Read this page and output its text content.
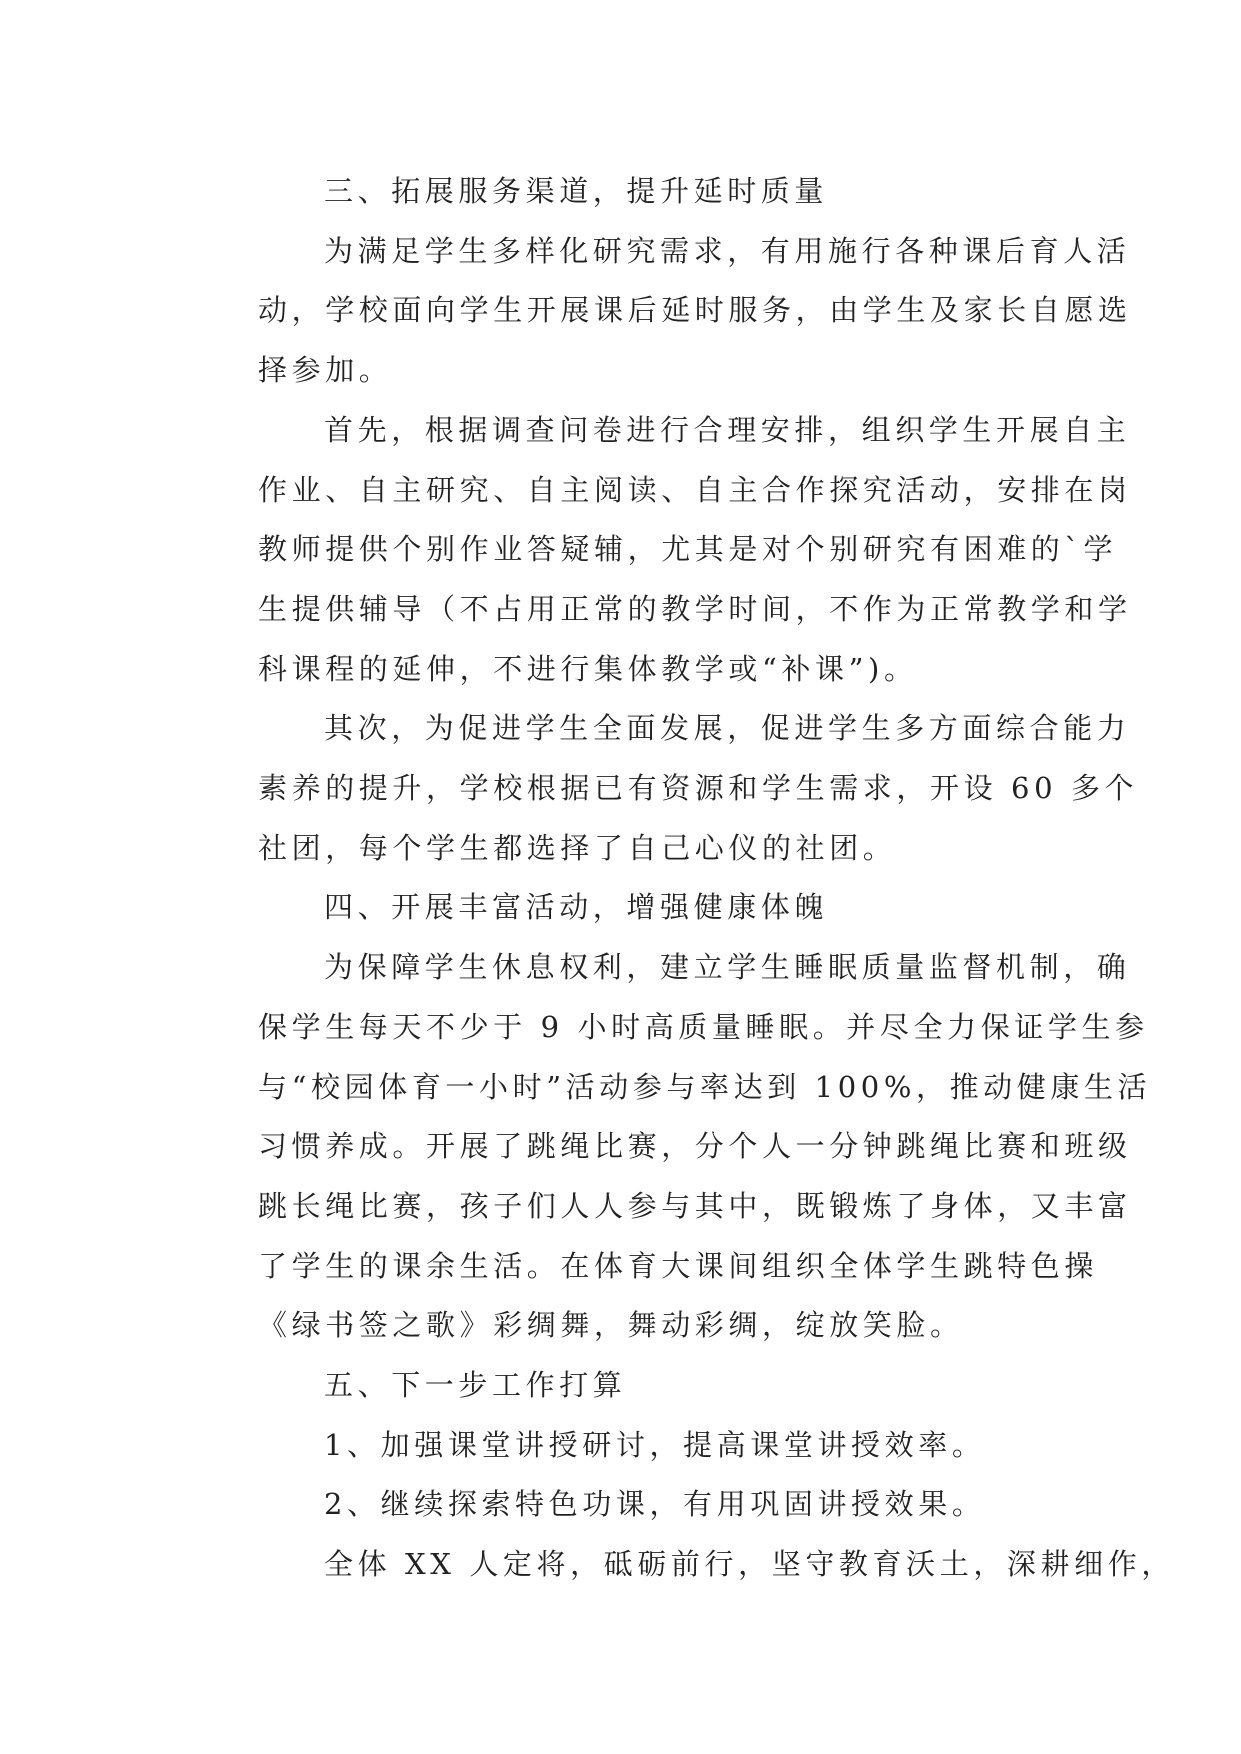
三、拓展服务渠道，提升延时质量
为满足学生多样化研究需求，有用施行各种课后育人活
动，学校面向学生开展课后延时服务，由学生及家长自愿选
择参加。
首先，根据调查问卷进行合理安排，组织学生开展自主
作业、自主研究、自主阅读、自主合作探究活动，安排在岗
教师提供个别作业答疑辅，尤其是对个别研究有困难的`学
生提供辅导（不占用正常的教学时间，不作为正常教学和学
科课程的延伸，不进行集体教学或“补课”)。
其次，为促进学生全面发展，促进学生多方面综合能力
素养的提升，学校根据已有资源和学生需求，开设 60 多个
社团，每个学生都选择了自己心仪的社团。
四、开展丰富活动，增强健康体魄
为保障学生休息权利，建立学生睡眠质量监督机制，确
保学生每天不少于 9 小时高质量睡眠。并尽全力保证学生参
与“校园体育一小时”活动参与率达到 100%，推动健康生活
习惯养成。开展了跳绳比赛，分个人一分钟跳绳比赛和班级
跳长绳比赛，孩子们人人参与其中，既锻炼了身体，又丰富
了学生的课余生活。在体育大课间组织全体学生跳特色操
《绿书签之歌》彩绸舞，舞动彩绸，绽放笑脸。
五、下一步工作打算
1、加强课堂讲授研讨，提高课堂讲授效率。
2、继续探索特色功课，有用巩固讲授效果。
全体 XX 人定将，砥砺前行，坚守教育沃土，深耕细作，
